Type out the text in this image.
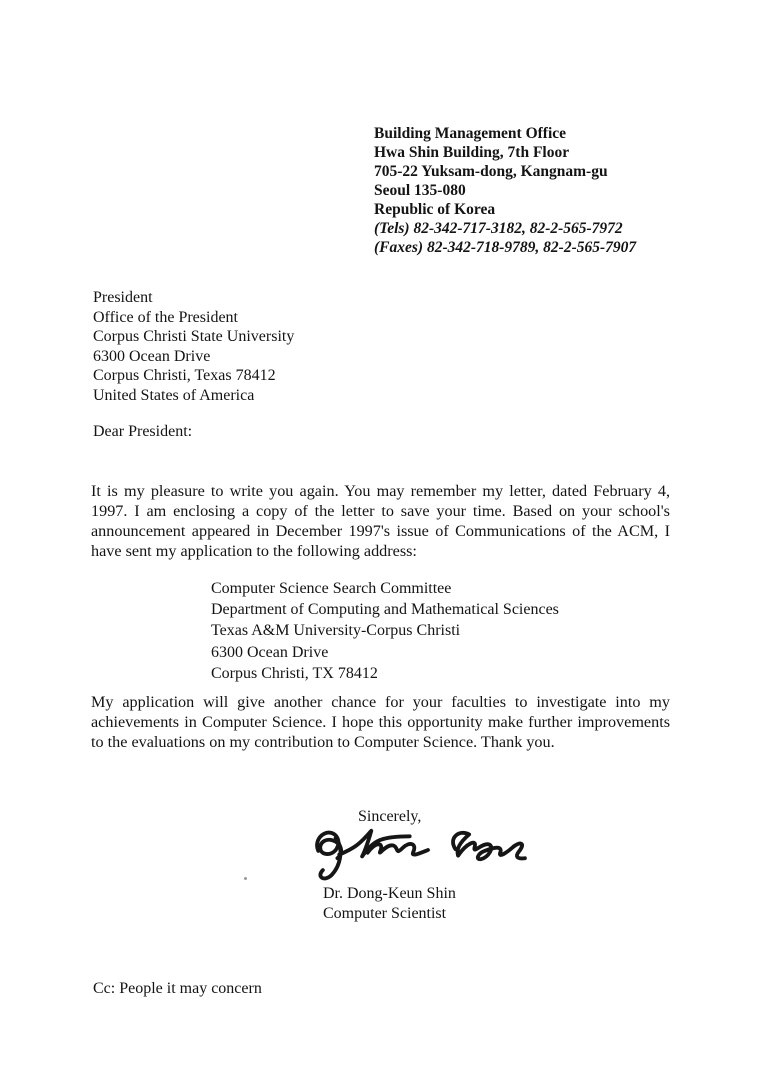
Building Management Office
Hwa Shin Building, 7th Floor
705-22 Yuksam-dong, Kangnam-gu
Seoul 135-080
Republic of Korea
(Tels) 82-342-717-3182, 82-2-565-7972
(Faxes) 82-342-718-9789, 82-2-565-7907
President
Office of the President
Corpus Christi State University
6300 Ocean Drive
Corpus Christi, Texas 78412
United States of America
Dear President:
It is my pleasure to write you again. You may remember my letter, dated February 4, 1997. I am enclosing a copy of the letter to save your time. Based on your school's announcement appeared in December 1997's issue of Communications of the ACM, I have sent my application to the following address:
Computer Science Search Committee
Department of Computing and Mathematical Sciences
Texas A&M University-Corpus Christi
6300 Ocean Drive
Corpus Christi, TX 78412
My application will give another chance for your faculties to investigate into my achievements in Computer Science. I hope this opportunity make further improvements to the evaluations on my contribution to Computer Science. Thank you.
Sincerely,
Dr. Dong-Keun Shin
Computer Scientist
Cc: People it may concern
